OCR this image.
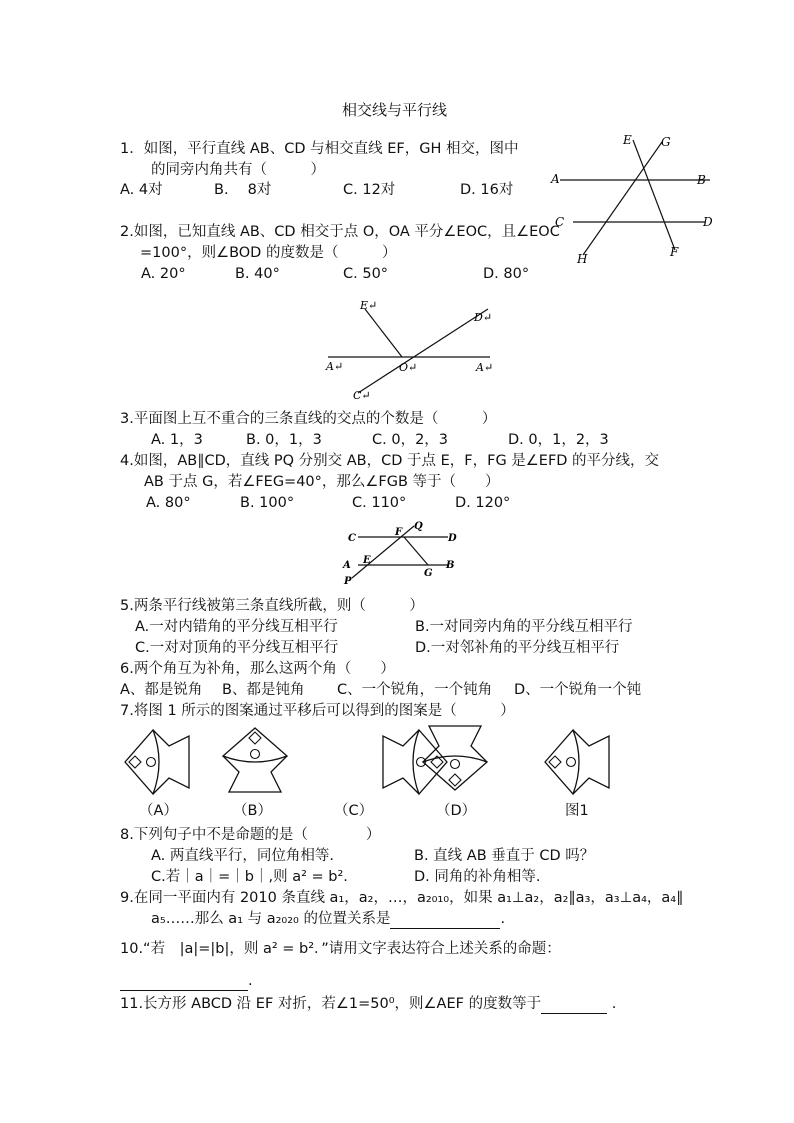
相交线与平行线
1．如图，平行直线 AB、CD 与相交直线 EF，GH 相交，图中
的同旁内角共有（　　　）
A. 4对	B.　 8对	C. 12对	D. 16对
E G
A	B
C	D
H	F
2.如图，已知直线 AB、CD 相交于点 O，OA 平分∠EOC，且∠EOC
=100°，则∠BOD 的度数是（　　　）
A. 20°	B. 40°	C. 50°	D. 80°
E↵
D↵
A↵	O↵	A↵
C↵
3.平面图上互不重合的三条直线的交点的个数是（　　　）
A. 1，3	B. 0，1，3	C. 0，2，3	D. 0，1，2，3
4.如图，AB∥CD，直线 PQ 分别交 AB，CD 于点 E，F，FG 是∠EFD 的平分线，交
AB 于点 G，若∠FEG=40°，那么∠FGB 等于（　　）
A. 80°	B. 100°	C. 110°	D. 120°
C
F
Q
D
A E
G
B
P
5.两条平行线被第三条直线所截，则（　　　）
A.一对内错角的平分线互相平行	B.一对同旁内角的平分线互相平行
C.一对对顶角的平分线互相平行	D.一对邻补角的平分线互相平行
6.两个角互为补角，那么这两个角（　　）
A、都是锐角 B、都是钝角 C、一个锐角，一个钝角 D、一个锐角一个钝
7.将图 1 所示的图案通过平移后可以得到的图案是（　　　）
（A）	（B）	（C）	（D）	图1
8.下列句子中不是命题的是（　　　　）
A. 两直线平行，同位角相等.	B. 直线 AB 垂直于 CD 吗？
C.若｜a｜=｜b｜,则 a² = b².	D. 同角的补角相等.
9.在同一平面内有 2010 条直线 a₁，a₂，…，a₂₀₁₀，如果 a₁⊥a₂，a₂∥a₃，a₃⊥a₄，a₄∥
a₅……那么 a₁ 与 a₂₀₂₀ 的位置关系是	.
10.“若　|a|=|b|，则 a² = b²．”请用文字表达符合上述关系的命题：
.
11.长方形 ABCD 沿 EF 对折，若∠1=50⁰，则∠AEF 的度数等于	.
